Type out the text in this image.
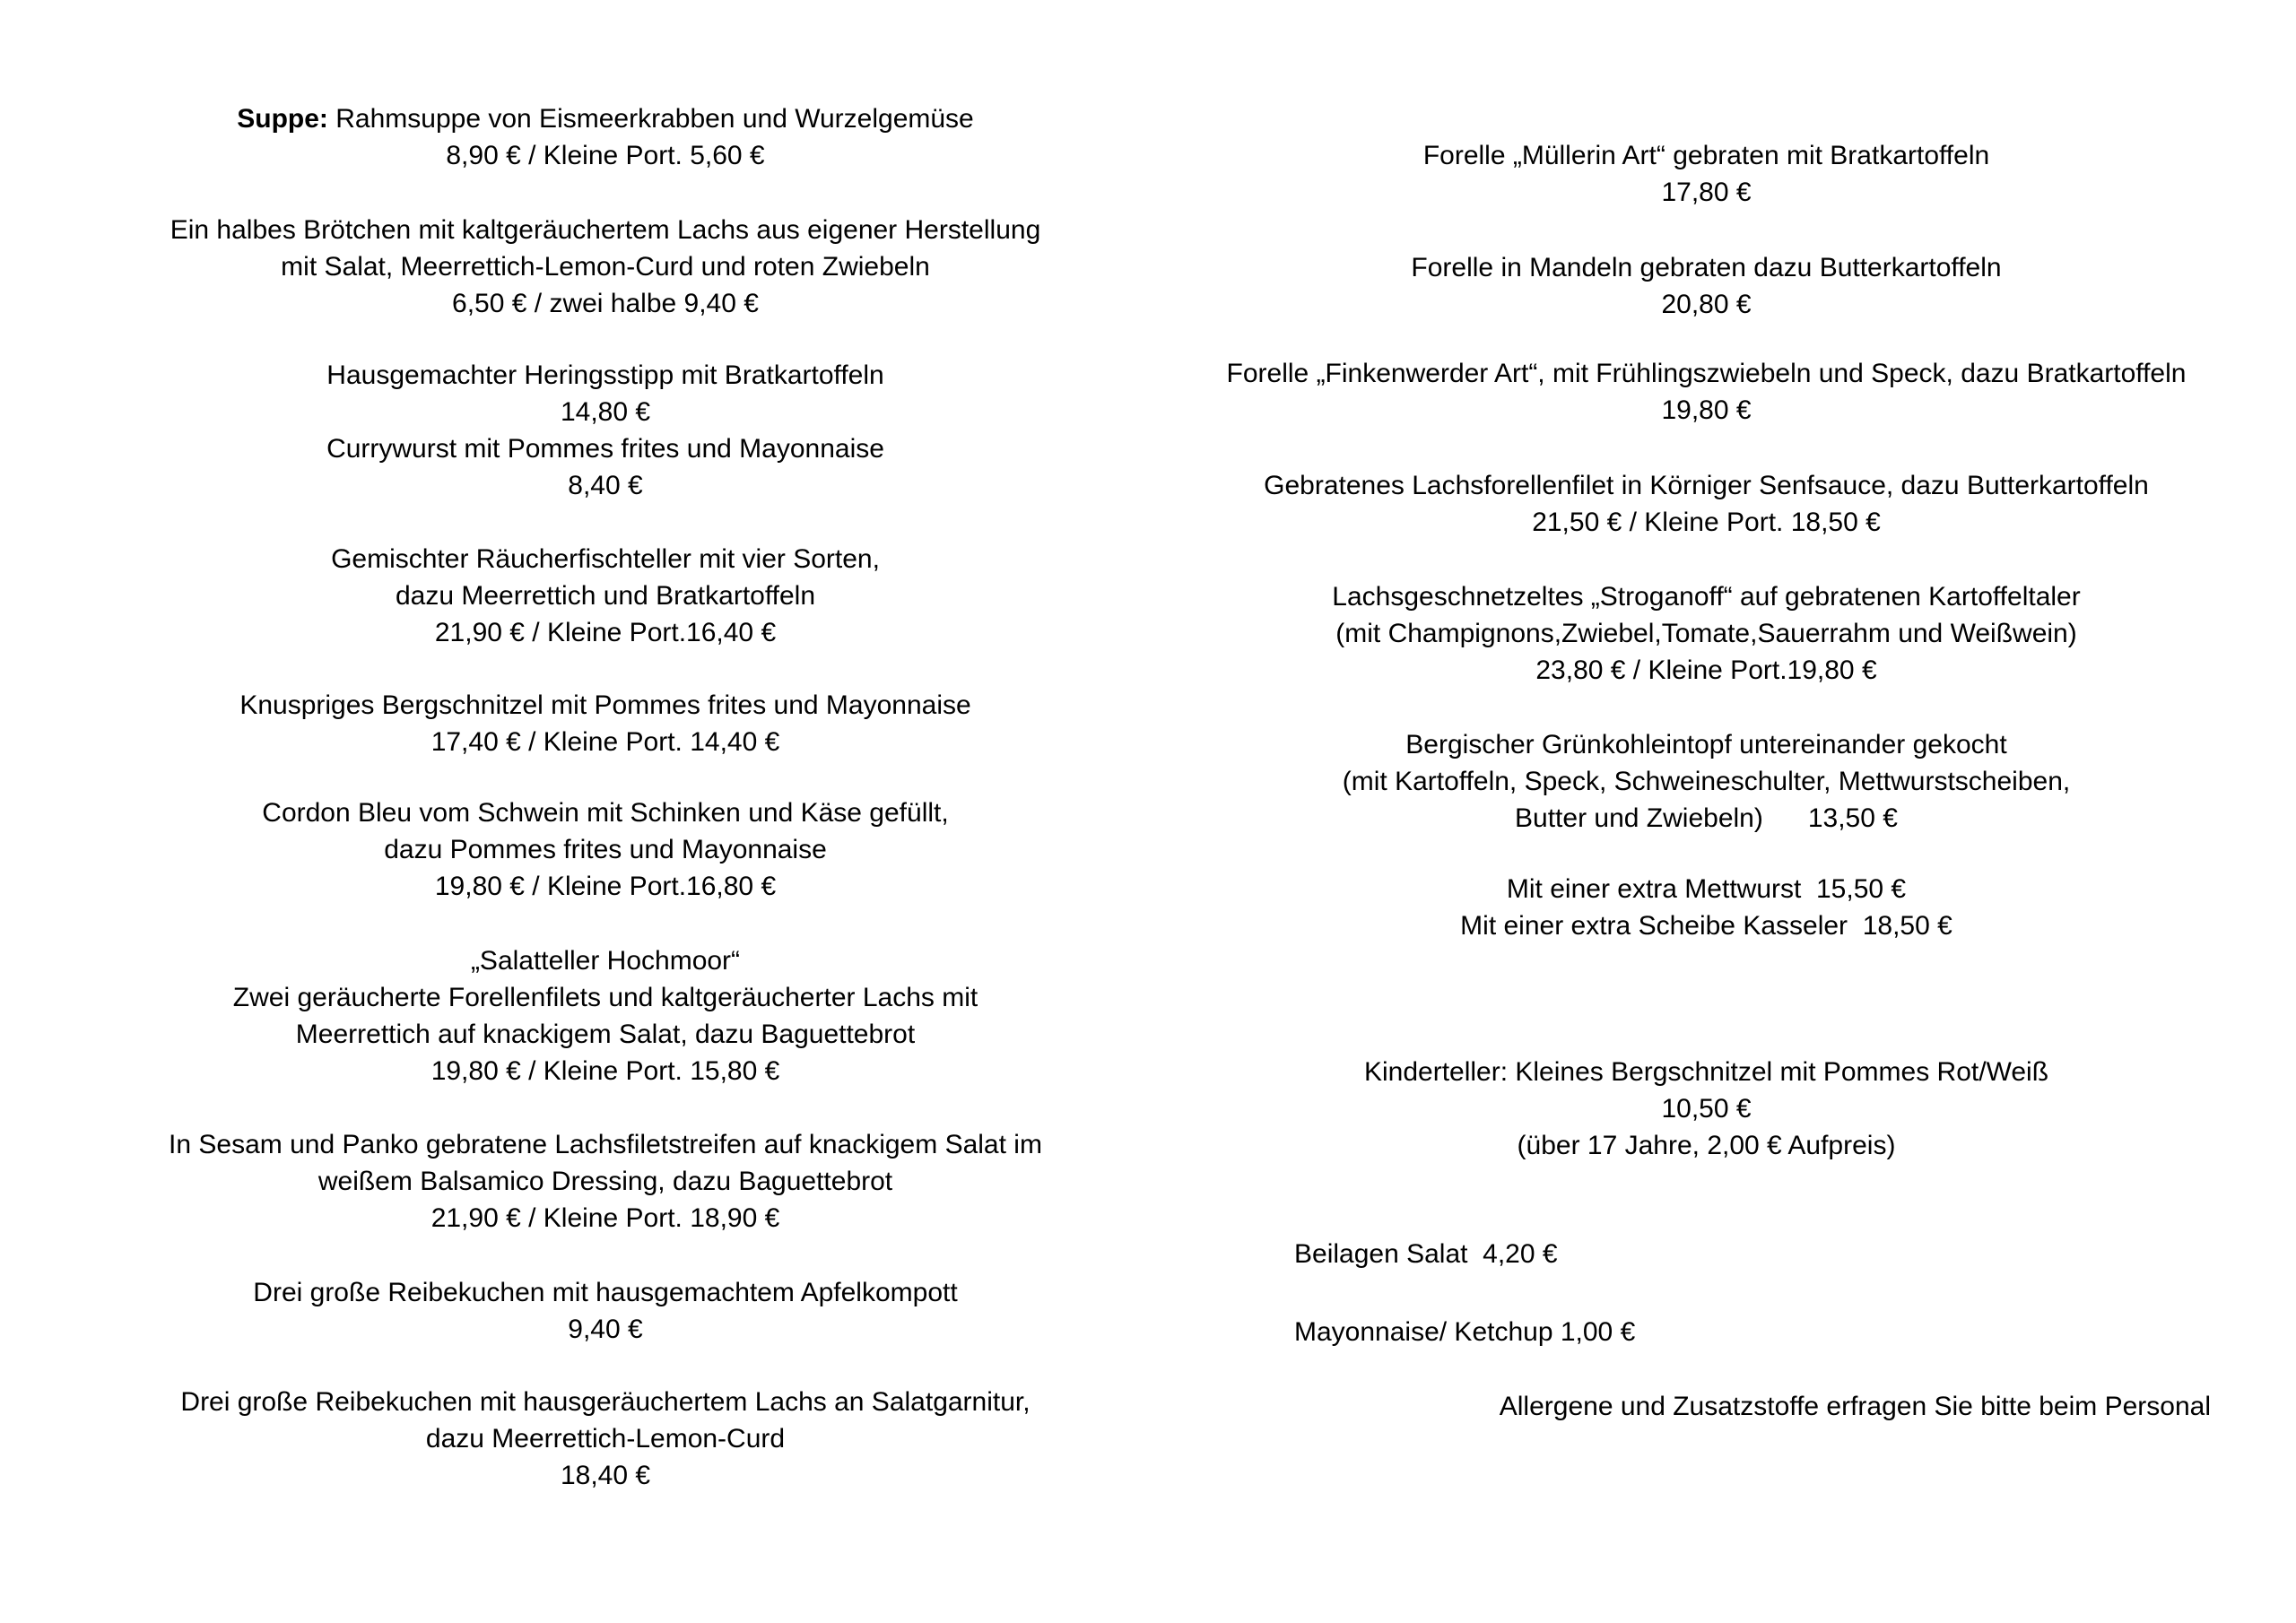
Suppe: Rahmsuppe von Eismeerkrabben und Wurzelgemüse
8,90 € / Kleine Port. 5,60 €
Ein halbes Brötchen mit kaltgeräuchertem Lachs aus eigener Herstellung
mit Salat, Meerrettich-Lemon-Curd und roten Zwiebeln
6,50 € / zwei halbe 9,40 €
Hausgemachter Heringsstipp mit Bratkartoffeln
14,80 €
Currywurst mit Pommes frites und Mayonnaise
8,40 €
Gemischter Räucherfischteller mit vier Sorten,
dazu Meerrettich und Bratkartoffeln
21,90 € / Kleine Port.16,40 €
Knuspriges Bergschnitzel mit Pommes frites und Mayonnaise
17,40 € / Kleine Port. 14,40 €
Cordon Bleu vom Schwein mit Schinken und Käse gefüllt,
dazu Pommes frites und Mayonnaise
19,80 € / Kleine Port.16,80 €
„Salatteller Hochmoor“
Zwei geräucherte Forellenfilets und kaltgeräucherter Lachs mit
Meerrettich auf knackigem Salat, dazu Baguettebrot
19,80 € / Kleine Port. 15,80 €
In Sesam und Panko gebratene Lachsfiletstreifen auf knackigem Salat im
weißem Balsamico Dressing, dazu Baguettebrot
21,90 € / Kleine Port. 18,90 €
Drei große Reibekuchen mit hausgemachtem Apfelkompott
9,40 €
Drei große Reibekuchen mit hausgeräuchertem Lachs an Salatgarnitur,
dazu Meerrettich-Lemon-Curd
18,40 €
Forelle „Müllerin Art“ gebraten mit Bratkartoffeln
17,80 €
Forelle in Mandeln gebraten dazu Butterkartoffeln
20,80 €
Forelle „Finkenwerder Art“, mit Frühlingszwiebeln und Speck, dazu Bratkartoffeln
19,80 €
Gebratenes Lachsforellenfilet in Körniger Senfsauce, dazu Butterkartoffeln
21,50 € / Kleine Port. 18,50 €
Lachsgeschnetzeltes „Stroganoff“ auf gebratenen Kartoffeltaler
(mit Champignons,Zwiebel,Tomate,Sauerrahm und Weißwein)
23,80 € / Kleine Port.19,80 €
Bergischer Grünkohleintopf untereinander gekocht
(mit Kartoffeln, Speck, Schweineschulter, Mettwurstscheiben,
Butter und Zwiebeln)      13,50 €
Mit einer extra Mettwurst  15,50 €
Mit einer extra Scheibe Kasseler  18,50 €
Kinderteller: Kleines Bergschnitzel mit Pommes Rot/Weiß
10,50 €
(über 17 Jahre, 2,00 € Aufpreis)
Beilagen Salat  4,20 €
Mayonnaise/ Ketchup 1,00 €
Allergene und Zusatzstoffe erfragen Sie bitte beim Personal
